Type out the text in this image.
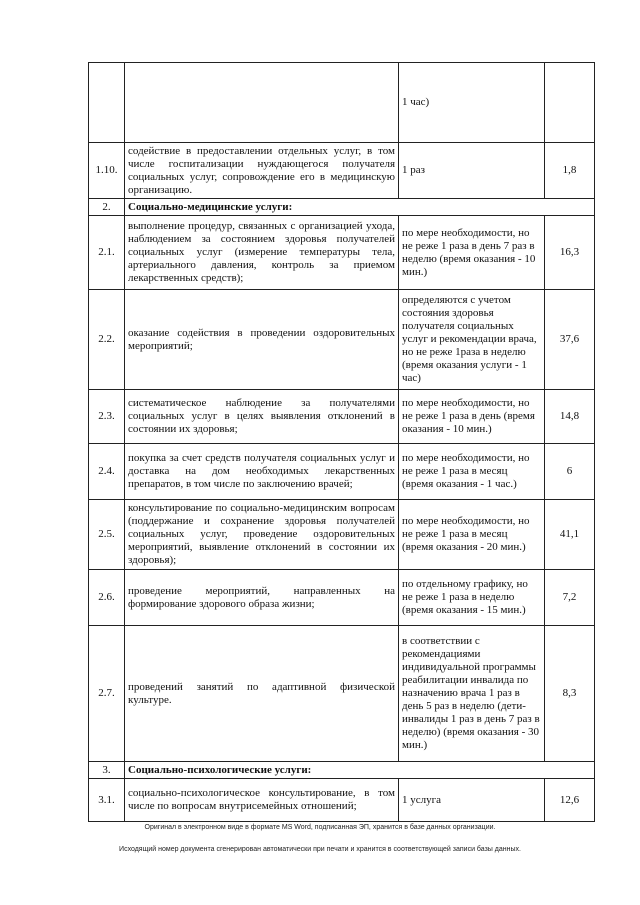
		1 час)	
1.10.	содействие в предоставлении отдельных услуг, в том числе госпитализации нуждающегося получателя социальных услуг, сопровождение его в медицинскую организацию.	1 раз	1,8
2.	Социально-медицинские услуги:		
2.1.	выполнение процедур, связанных с организацией ухода, наблюдением за состоянием здоровья получателей социальных услуг (измерение температуры тела, артериального давления, контроль за приемом лекарственных средств);	по мере необходимости, но не реже 1 раза в день 7 раз в неделю (время оказания - 10 мин.)	16,3
2.2.	оказание содействия в проведении оздоровительных мероприятий;	определяются с учетом состояния здоровья получателя социальных услуг и рекомендации врача, но не реже 1раза в неделю (время оказания услуги - 1 час)	37,6
2.3.	систематическое наблюдение за получателями социальных услуг в целях выявления отклонений в состоянии их здоровья;	по мере необходимости, но не реже 1 раза в день (время оказания - 10 мин.)	14,8
2.4.	покупка за счет средств получателя социальных услуг и доставка на дом необходимых лекарственных препаратов, в том числе по заключению врачей;	по мере необходимости, но не реже 1 раза в месяц (время оказания - 1 час.)	6
2.5.	консультирование по социально-медицинским вопросам (поддержание и сохранение здоровья получателей социальных услуг, проведение оздоровительных мероприятий, выявление отклонений в состоянии их здоровья);	по мере необходимости, но не реже 1 раза в месяц (время оказания - 20 мин.)	41,1
2.6.	проведение мероприятий, направленных на формирование здорового образа жизни;	по отдельному графику, но не реже 1 раза в неделю (время оказания - 15 мин.)	7,2
2.7.	проведений занятий по адаптивной физической культуре.	в соответствии с рекомендациями индивидуальной программы реабилитации инвалида по назначению врача 1 раз в день 5 раз в неделю (дети-инвалиды 1 раз в день 7 раз в неделю) (время оказания - 30 мин.)	8,3
3.	Социально-психологические услуги:		
3.1.	социально-психологическое консультирование, в том числе по вопросам внутрисемейных отношений;	1 услуга	12,6
Оригинал в электронном виде в формате MS Word, подписанная ЭП, хранится в базе данных организации.
Исходящий номер документа сгенерирован автоматически при печати и хранится в соответствующей записи базы данных.
